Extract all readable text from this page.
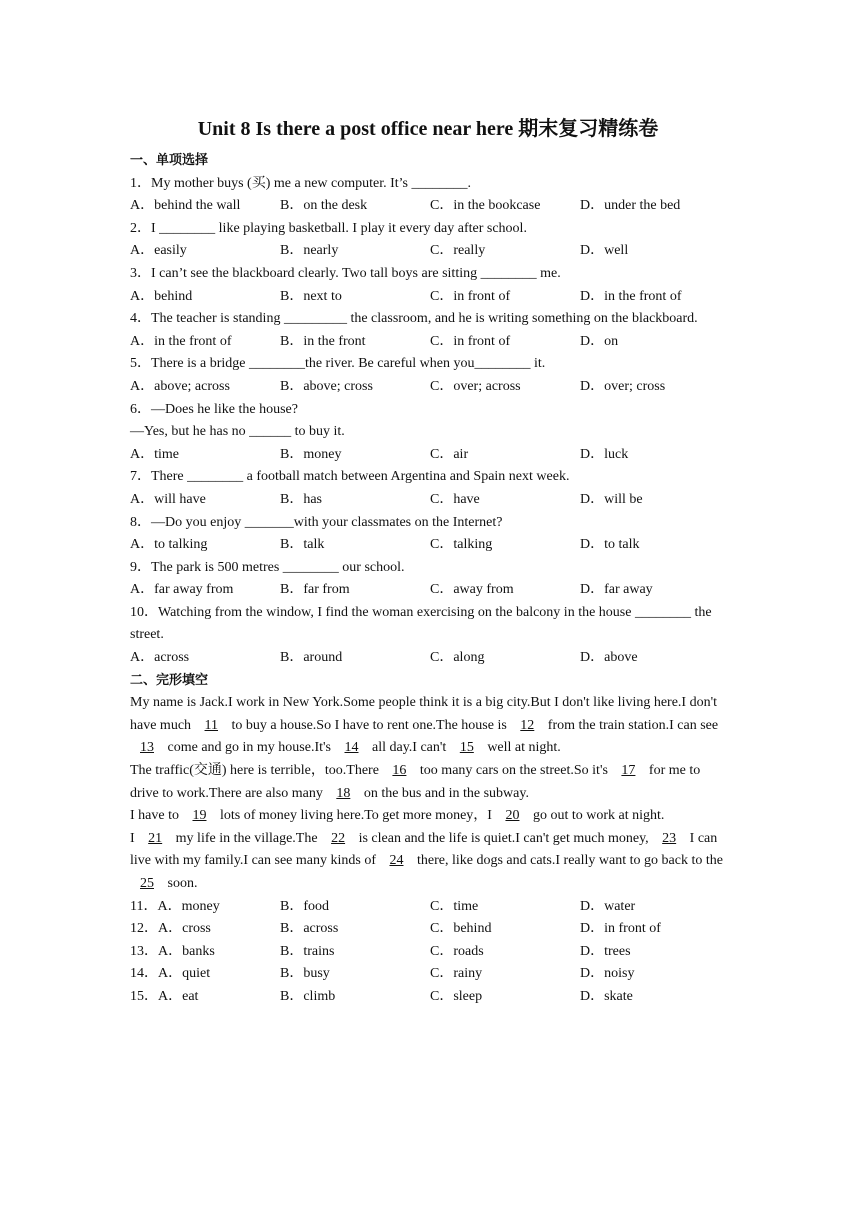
Unit 8 Is there a post office near here 期末复习精练卷
一、单项选择
1．My mother buys (买) me a new computer. It’s ________.
A．behind the wall	B．on the desk	C．in the bookcase	D．under the bed
2．I ________ like playing basketball. I play it every day after school.
A．easily	B．nearly	C．really	D．well
3．I can’t see the blackboard clearly. Two tall boys are sitting ________ me.
A．behind	B．next to	C．in front of	D．in the front of
4．The teacher is standing _________ the classroom, and he is writing something on the blackboard.
A．in the front of	B．in the front	C．in front of	D．on
5．There is a bridge ________the river. Be careful when you________ it.
A．above; across	B．above; cross	C．over; across	D．over; cross
6．—Does he like the house?
—Yes, but he has no ______ to buy it.
A．time	B．money	C．air	D．luck
7．There ________ a football match between Argentina and Spain next week.
A．will have	B．has	C．have	D．will be
8．—Do you enjoy _______with your classmates on the Internet?
A．to talking	B．talk	C．talking	D．to talk
9．The park is 500 metres ________ our school.
A．far away from	B．far from	C．away from	D．far away
10．Watching from the window, I find the woman exercising on the balcony in the house ________ the street.
A．across	B．around	C．along	D．above
二、完形填空
My name is Jack.I work in New York.Some people think it is a big city.But I don't like living here.I don't have much 11 to buy a house.So I have to rent one.The house is 12 from the train station.I can see 13 come and go in my house.It's 14 all day.I can't 15 well at night.
The traffic(交通) here is terrible，too.There 16 too many cars on the street.So it's 17 for me to drive to work.There are also many 18 on the bus and in the subway.
I have to 19 lots of money living here.To get more money，I 20 go out to work at night.
I 21 my life in the village.The 22 is clean and the life is quiet.I can't get much money, 23 I can live with my family.I can see many kinds of 24 there, like dogs and cats.I really want to go back to the 25 soon.
11．A．money	B．food	C．time	D．water
12．A．cross	B．across	C．behind	D．in front of
13．A．banks	B．trains	C．roads	D．trees
14．A．quiet	B．busy	C．rainy	D．noisy
15．A．eat	B．climb	C．sleep	D．skate
